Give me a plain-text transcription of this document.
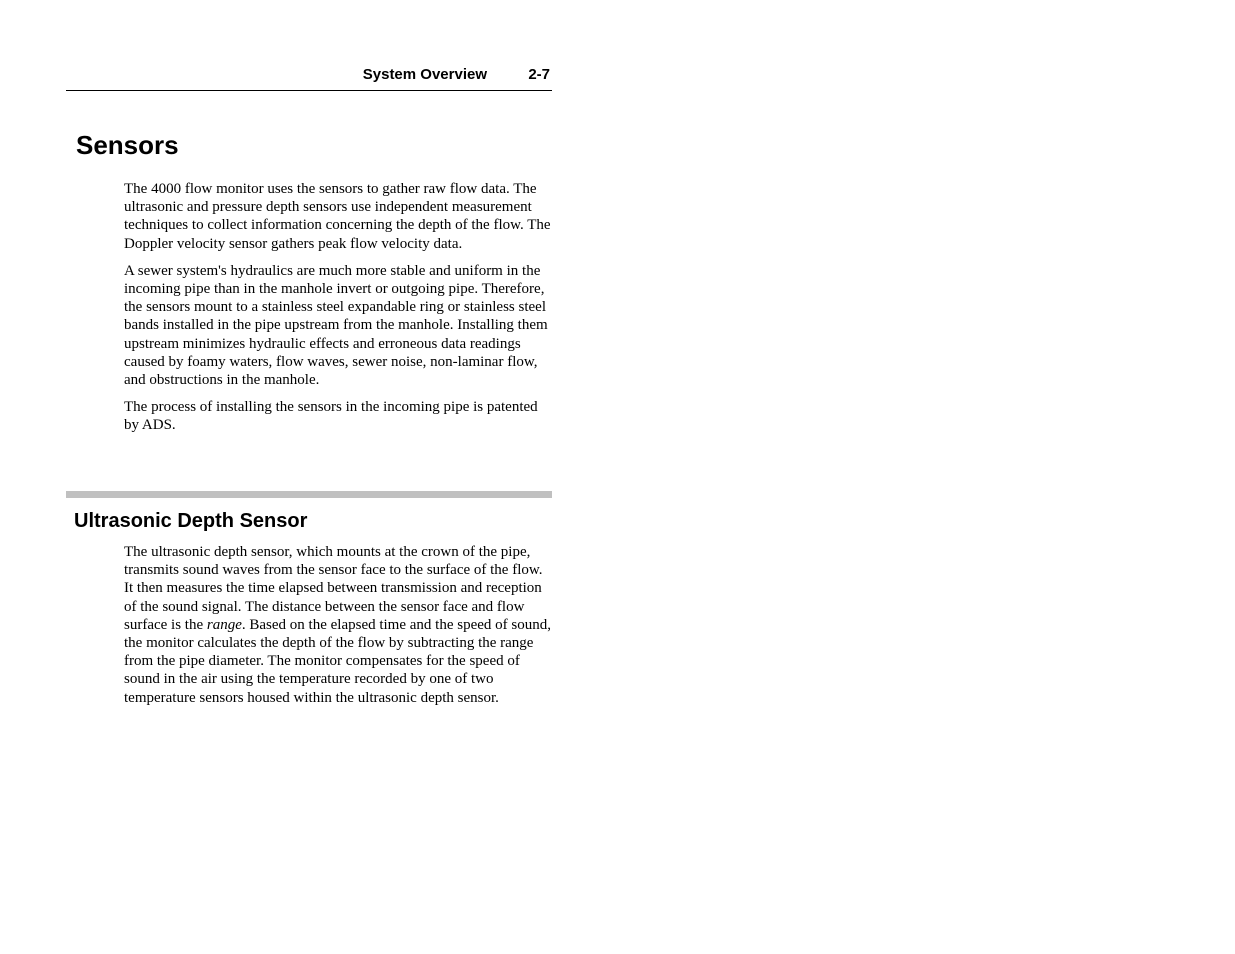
System Overview	2-7
Sensors

The 4000 flow monitor uses the sensors to gather raw flow data. The ultrasonic and pressure depth sensors use independent measurement techniques to collect information concerning the depth of the flow. The Doppler velocity sensor gathers peak flow velocity data.

A sewer system's hydraulics are much more stable and uniform in the incoming pipe than in the manhole invert or outgoing pipe. Therefore, the sensors mount to a stainless steel expandable ring or stainless steel bands installed in the pipe upstream from the manhole. Installing them upstream minimizes hydraulic effects and erroneous data readings caused by foamy waters, flow waves, sewer noise, non-laminar flow, and obstructions in the manhole.

The process of installing the sensors in the incoming pipe is patented by ADS.

Ultrasonic Depth Sensor

The ultrasonic depth sensor, which mounts at the crown of the pipe, transmits sound waves from the sensor face to the surface of the flow. It then measures the time elapsed between transmission and reception of the sound signal. The distance between the sensor face and flow surface is the range. Based on the elapsed time and the speed of sound, the monitor calculates the depth of the flow by subtracting the range from the pipe diameter. The monitor compensates for the speed of sound in the air using the temperature recorded by one of two temperature sensors housed within the ultrasonic depth sensor.
